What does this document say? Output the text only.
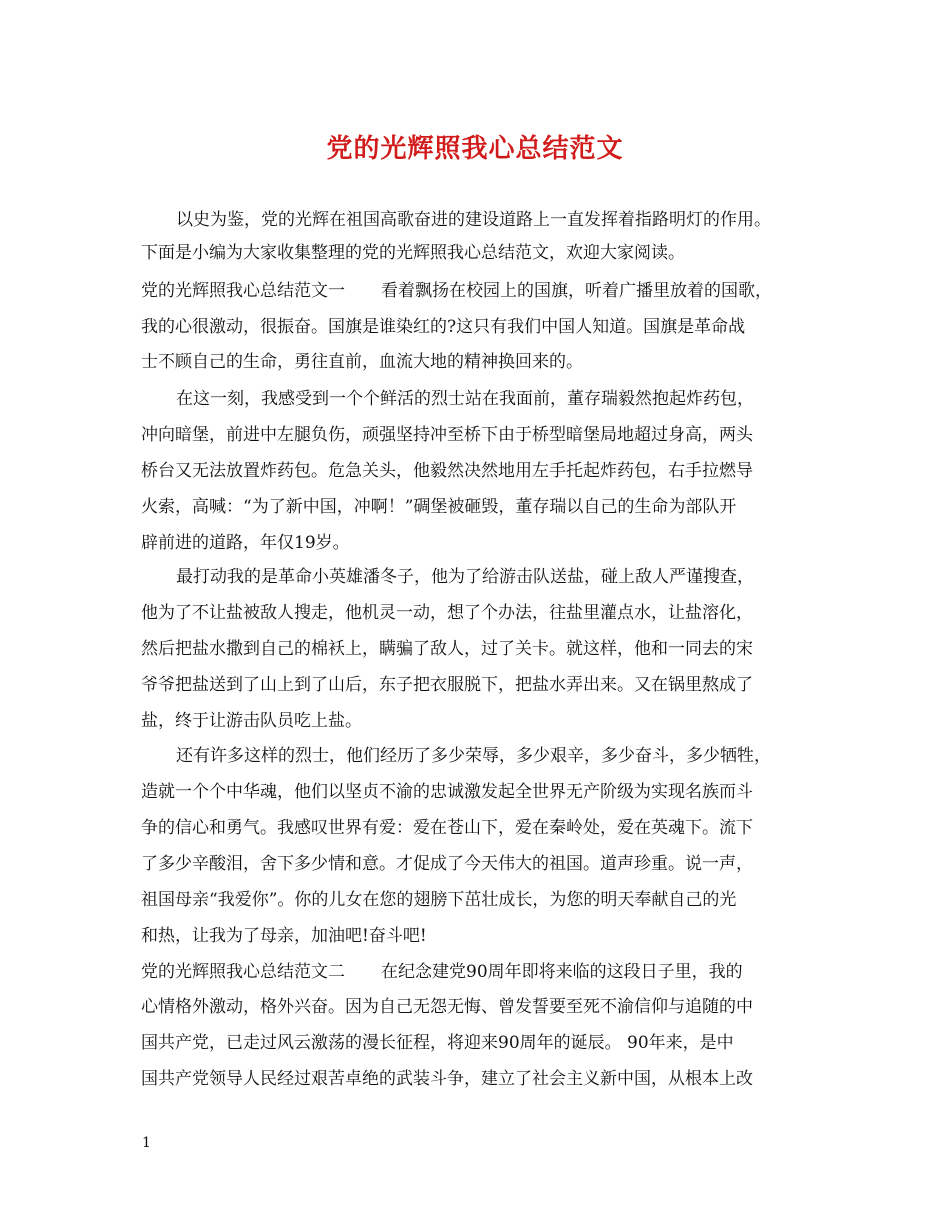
党的光辉照我心总结范文
以史为鉴，党的光辉在祖国高歌奋进的建设道路上一直发挥着指路明灯的作用。
下面是小编为大家收集整理的党的光辉照我心总结范文，欢迎大家阅读。
党的光辉照我心总结范文一 看着飘扬在校园上的国旗，听着广播里放着的国歌，
我的心很激动，很振奋。国旗是谁染红的?这只有我们中国人知道。国旗是革命战
士不顾自己的生命，勇往直前，血流大地的精神换回来的。
在这一刻，我感受到一个个鲜活的烈士站在我面前，董存瑞毅然抱起炸药包，
冲向暗堡，前进中左腿负伤，顽强坚持冲至桥下由于桥型暗堡局地超过身高，两头
桥台又无法放置炸药包。危急关头，他毅然决然地用左手托起炸药包，右手拉燃导
火索，高喊：“为了新中国，冲啊！”碉堡被砸毁，董存瑞以自己的生命为部队开
辟前进的道路，年仅19岁。
最打动我的是革命小英雄潘冬子，他为了给游击队送盐，碰上敌人严谨搜查，
他为了不让盐被敌人搜走，他机灵一动，想了个办法，往盐里灌点水，让盐溶化，
然后把盐水撒到自己的棉袄上，瞒骗了敌人，过了关卡。就这样，他和一同去的宋
爷爷把盐送到了山上到了山后，东子把衣服脱下，把盐水弄出来。又在锅里熬成了
盐，终于让游击队员吃上盐。
还有许多这样的烈士，他们经历了多少荣辱，多少艰辛，多少奋斗，多少牺牲，
造就一个个中华魂，他们以坚贞不渝的忠诚激发起全世界无产阶级为实现名族而斗
争的信心和勇气。我感叹世界有爱：爱在苍山下，爱在秦岭处，爱在英魂下。流下
了多少辛酸泪，舍下多少情和意。才促成了今天伟大的祖国。道声珍重。说一声，
祖国母亲“我爱你”。你的儿女在您的翅膀下茁壮成长，为您的明天奉献自己的光
和热，让我为了母亲，加油吧!奋斗吧!
党的光辉照我心总结范文二 在纪念建党90周年即将来临的这段日子里，我的
心情格外激动，格外兴奋。因为自己无怨无悔、曾发誓要至死不渝信仰与追随的中
国共产党，已走过风云激荡的漫长征程，将迎来90周年的诞辰。 90年来，是中
国共产党领导人民经过艰苦卓绝的武装斗争，建立了社会主义新中国，从根本上改
1
